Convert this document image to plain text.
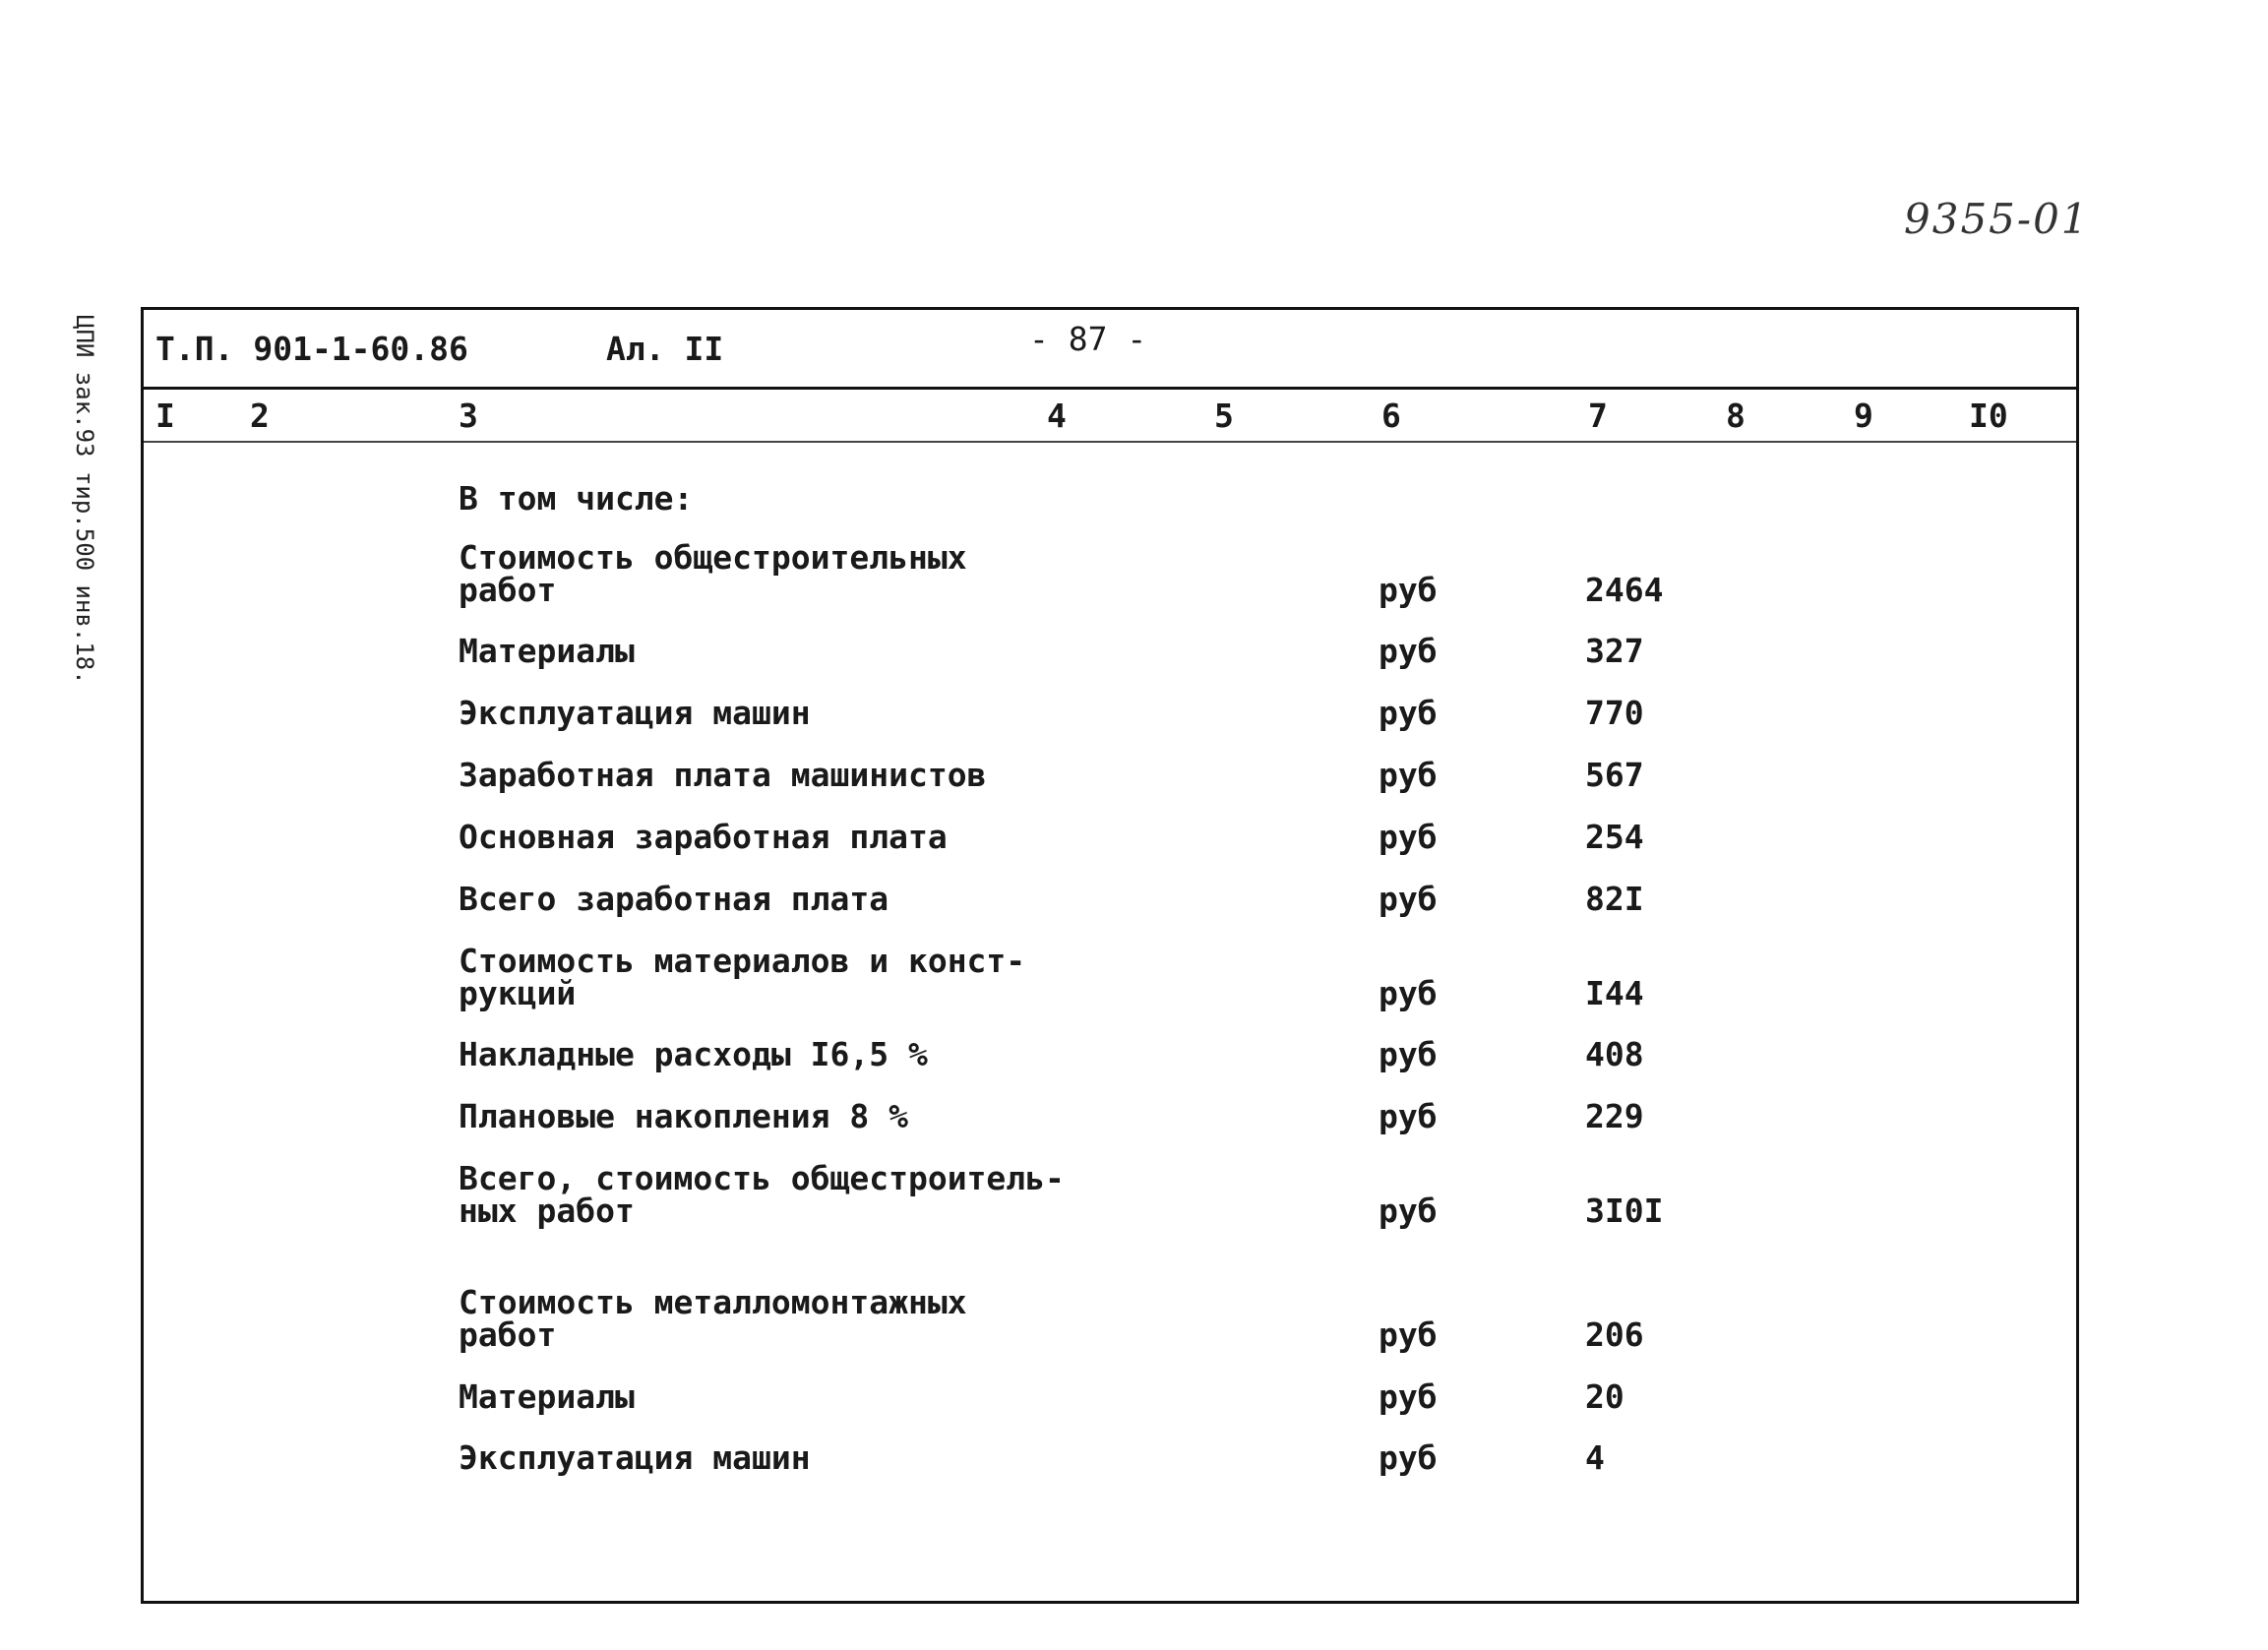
9355-01
ЦПИ зак.93 тир.500 инв.18. Т.П. 901-1-60.86	Ал. II	- 87 -
I 2	3	4	5	6	7	8	9	I0
В том числе:
Стоимость общестроительных
работ	руб	2464
Материалы	руб	327
Эксплуатация машин	руб	770
Заработная плата машинистов	руб	567
Основная заработная плата	руб	254
Всего заработная плата	руб	82I
Стоимость материалов и конст-
рукций	руб	I44
Накладные расходы I6,5 %	руб	408
Плановые накопления 8 %	руб	229
Всего, стоимость общестроитель-
ных работ	руб	3I0I
Стоимость металломонтажных
работ	руб	206
Материалы	руб	20
Эксплуатация машин	руб	4
